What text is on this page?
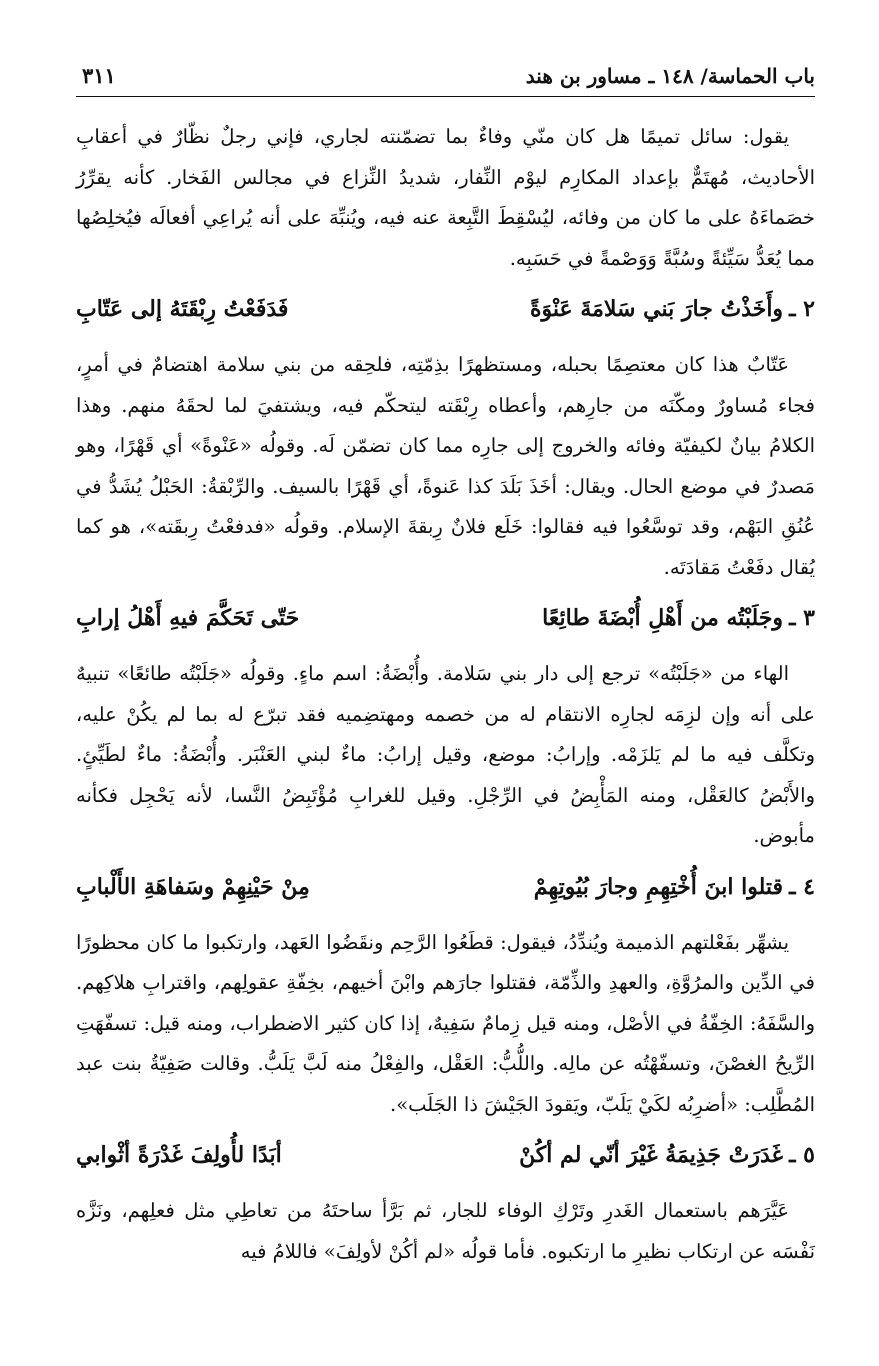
باب الحماسة/ ١٤٨ ـ مساور بن هند
٣١١

يقول: سائل تميمًا هل كان منّي وفاءٌ بما تضمّنته لجاري، فإني رجلٌ نظّارٌ في أعقابِ الأحاديث، مُهتَمٌّ بإعداد المكارِم ليوْم النِّفار، شديدُ النِّزاع في مجالس الفَخار. كأنه يقرِّرُ خصَماءَهُ على ما كان من وفائه، ليُسْقِطَ التَّبِعة عنه فيه، ويُنبِّهَ على أنه يُراعِي أفعالَه فيُخلِصُها مما يُعَدُّ سَيِّئةً وسُبَّةً وَوَصْمةً في حَسَبِه.

٢ ـ
وأَخَذْتُ جارَ بَني سَلامَةَ عَنْوَةً
فَدَفَعْتُ رِبْقَتَهُ إلى عَتّابِ

عَتّابٌ هذا كان معتصِمًا بحبله، ومستظهرًا بذِمّتِه، فلحِقه من بني سلامة اهتضامٌ في أمرٍ، فجاء مُساورٌ ومكّنَه من جارِهم، وأعطاه رِبْقَته ليتحكّم فيه، ويشتفيَ لما لحقَهُ منهم. وهذا الكلامُ بيانٌ لكيفيّة وفائه والخروج إلى جارِه مما كان تضمّن لَه. وقولُه «عَنْوةً» أي قَهْرًا، وهو مَصدرٌ في موضع الحال. ويقال: أخَذَ بَلَدَ كذا عَنوةً، أي قَهْرًا بالسيف. والرِّبْقةُ: الحَبْلُ يُشَدُّ في عُنُقِ البَهْم، وقد توسَّعُوا فيه فقالوا: خَلَع فلانٌ رِبقةَ الإسلام. وقولُه «فدفعْتُ رِبقَته»، هو كما يُقال دفَعْتُ مَقادَتَه.

٣ ـ
وجَلَبْتُه من أَهْلِ أُبْضَةَ طائِعًا
حَتّى تَحَكَّمَ فيهِ أَهْلُ إرابِ

الهاء من «جَلَبْتُه» ترجع إلى دار بني سَلامة. وأُبْضَةُ: اسم ماءٍ. وقولُه «جَلَبْتُه طائعًا» تنبيهٌ على أنه وإن لزِمَه لجارِه الانتقام له من خصمه ومهتضِميه فقد تبرّع له بما لم يكُنْ عليه، وتكلَّف فيه ما لم يَلزَمْه. وإرابُ: موضع، وقيل إرابُ: ماءٌ لبني العَنْبَر. وأُبْضَةُ: ماءٌ لطَيِّئٍ. والأَبْضُ كالعَقْل، ومنه المَأْبِضُ في الرِّجْلِ. وقيل للغرابِ مُؤْتَبِضُ النَّسا، لأنه يَحْجِل فكأنه مأبوض.

٤ ـ
قتلوا ابنَ أُخْتِهِمِ وجارَ بُيُوتِهِمْ
مِنْ حَيْنِهِمْ وسَفاهَةِ الأَلْبابِ

يشهِّر بفَعْلتهم الذميمة ويُندِّدُ، فيقول: قطَعُوا الرَّحِم ونقَضُوا العَهد، وارتكبوا ما كان محظورًا في الدِّين والمرُوَّةِ، والعهدِ والذِّمّة، فقتلوا جارَهم وابْنَ أخيهم، بخِفّةِ عقولِهم، واقترابِ هلاكِهم. والسَّفَهُ: الخِفّةُ في الأصْل، ومنه قيل زِمامٌ سَفِيهٌ، إذا كان كثير الاضطراب، ومنه قيل: تسفّهَتِ الرِّيحُ الغصْنَ، وتسفّهْتُه عن مالِه. واللُّبُّ: العَقْل، والفِعْلُ منه لَبَّ يَلَبُّ. وقالت صَفِيّةُ بنت عبد المُطَّلِب: «أضرِبُه لكَيْ يَلَبّ، ويَقودَ الجَيْشَ ذا الجَلَب».

٥ ـ
غَدَرَتْ جَذِيمَةُ غَيْرَ أنّي لم أكُنْ
أبَدًا لأُولِفَ غَدْرَةً أثْوابي

عَيَّرَهم باستعمال الغَدرِ وتَرْكِ الوفاء للجار، ثم بَرَّأ ساحتَهُ من تعاطِي مثل فعلِهم، ونَزَّه نَفْسَه عن ارتكاب نظيرِ ما ارتكبوه. فأما قولُه «لم أكُنْ لأولِفَ» فاللامُ فيه
